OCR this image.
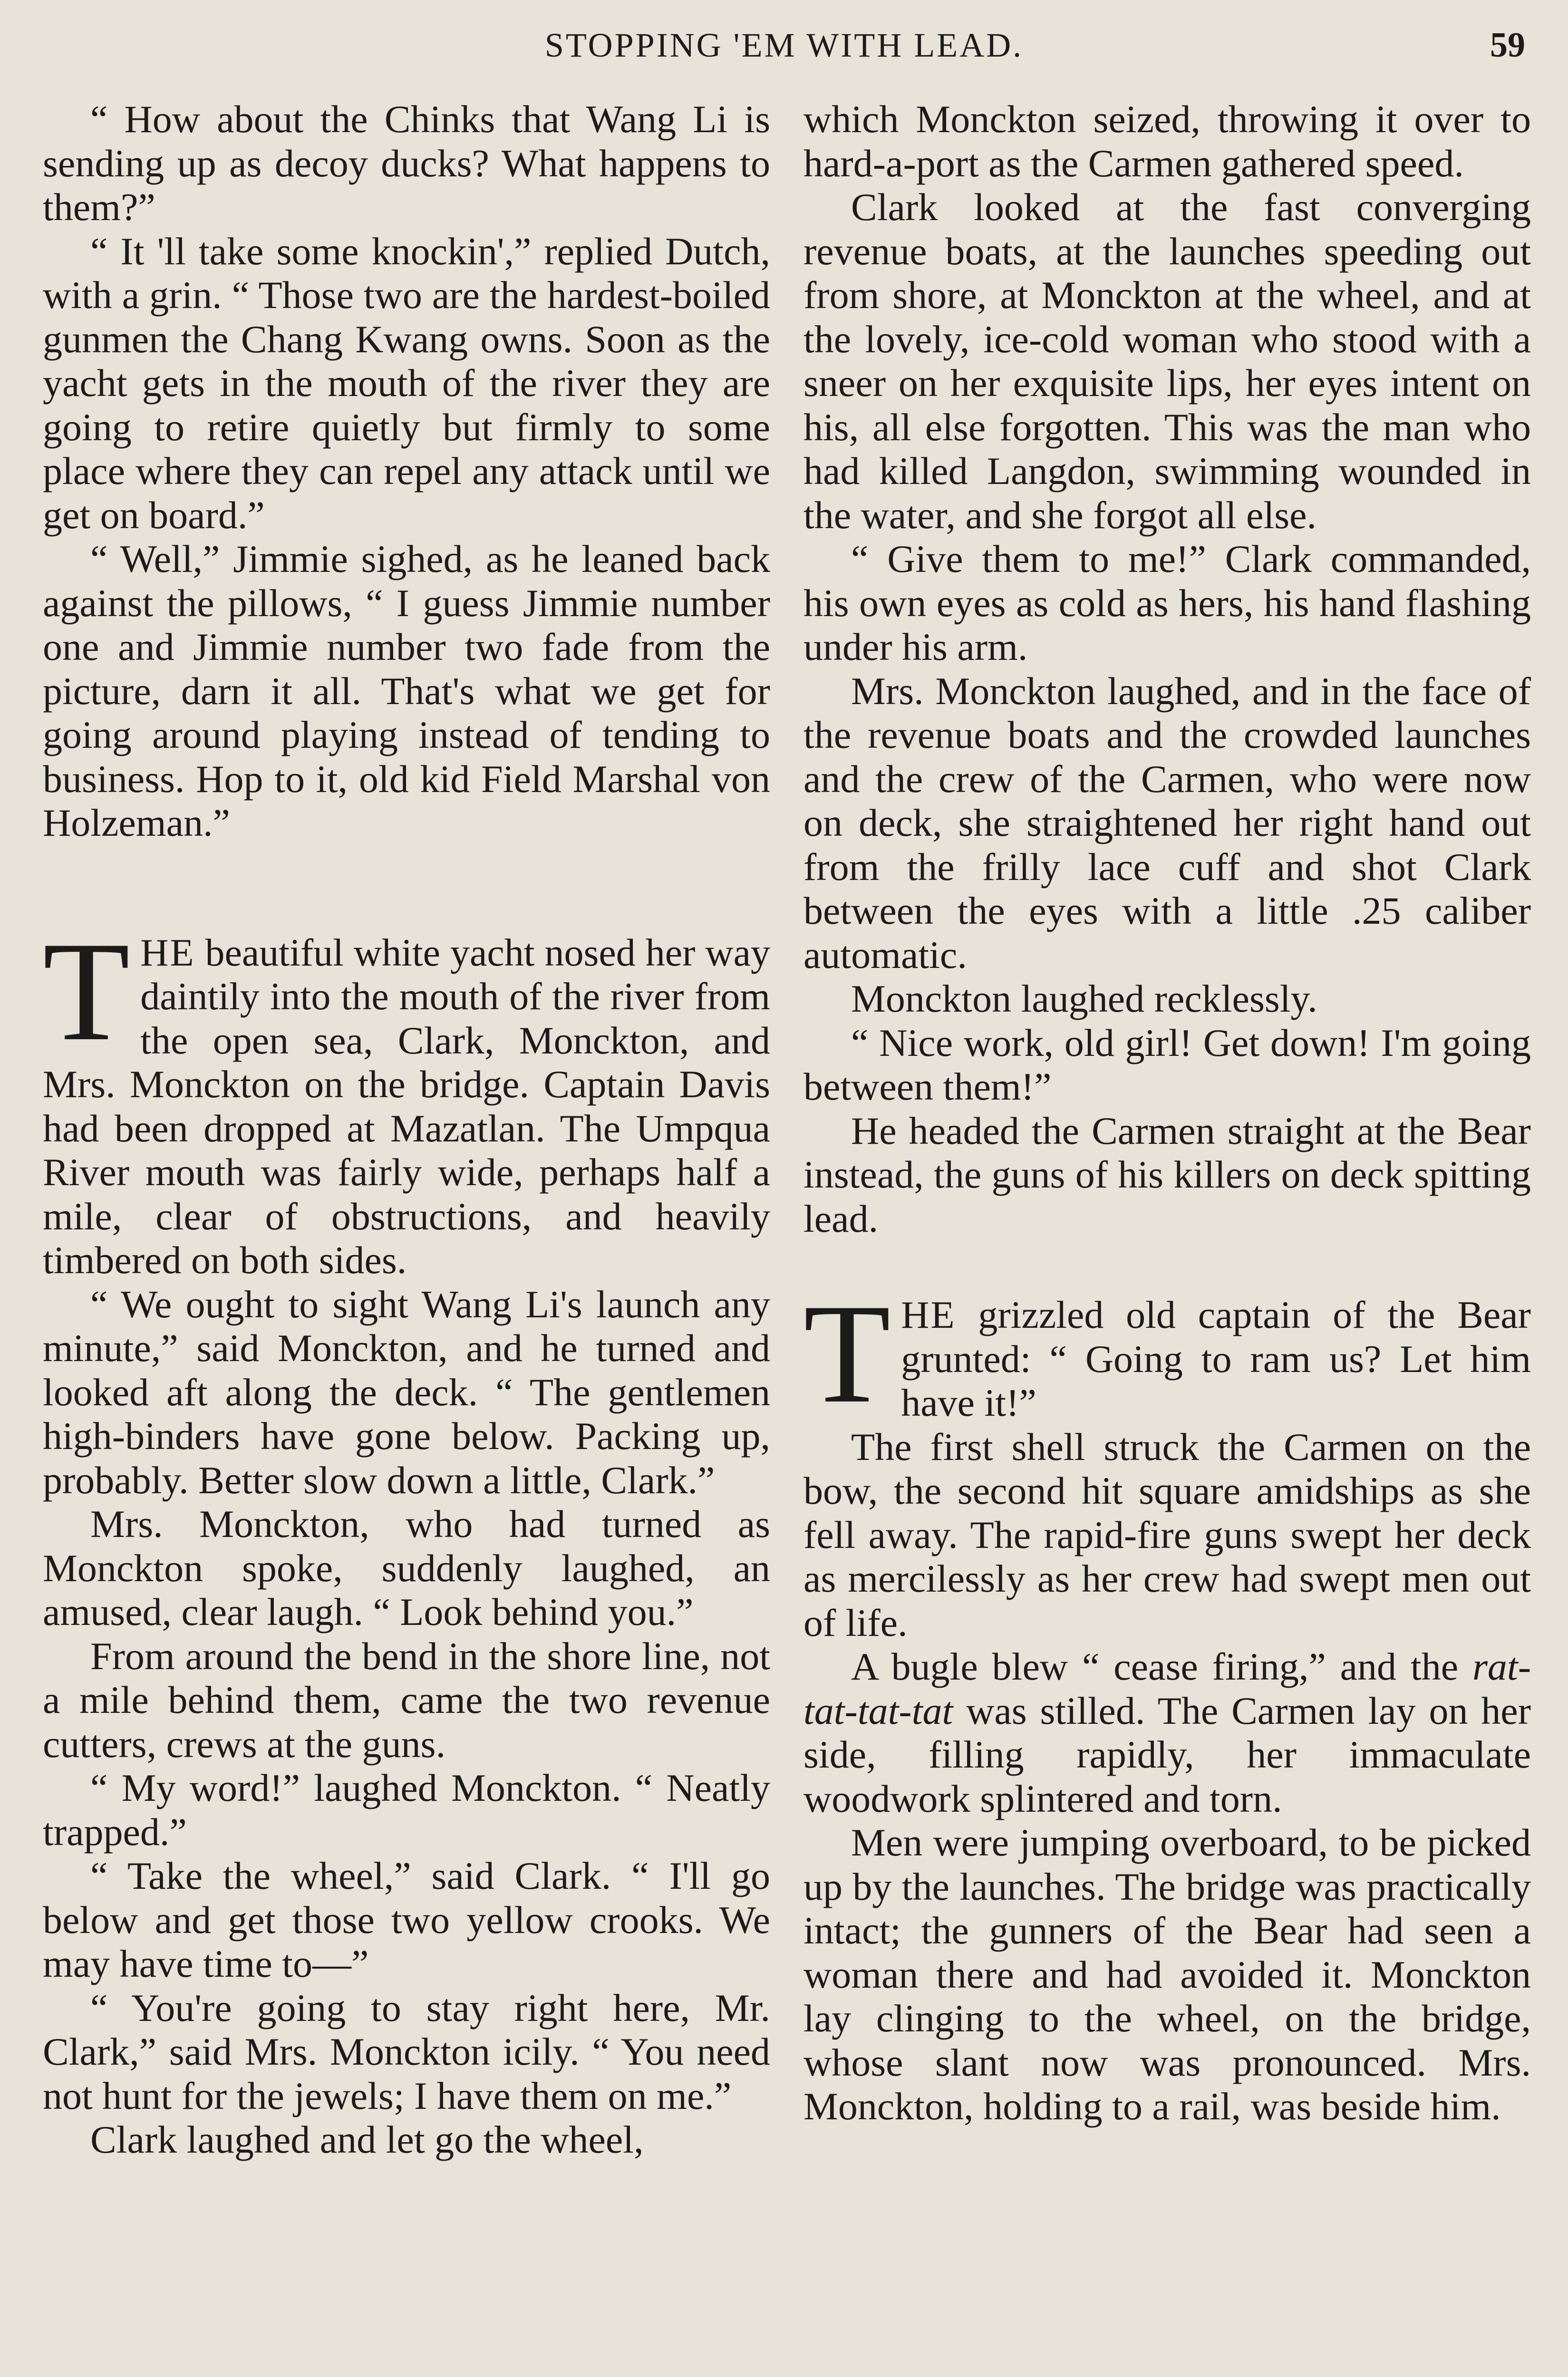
STOPPING 'EM WITH LEAD.	59

“ How about the Chinks that Wang Li is sending up as decoy ducks? What happens to them?”

“ It 'll take some knockin',” replied Dutch, with a grin. “ Those two are the hardest-boiled gunmen the Chang Kwang owns. Soon as the yacht gets in the mouth of the river they are going to retire quietly but firmly to some place where they can repel any attack until we get on board.”

“ Well,” Jimmie sighed, as he leaned back against the pillows, “ I guess Jimmie number one and Jimmie number two fade from the picture, darn it all. That's what we get for going around playing instead of tending to business. Hop to it, old kid Field Marshal von Holzeman.”

THE beautiful white yacht nosed her way daintily into the mouth of the river from the open sea, Clark, Monckton, and Mrs. Monckton on the bridge. Captain Davis had been dropped at Mazatlan. The Umpqua River mouth was fairly wide, perhaps half a mile, clear of obstructions, and heavily timbered on both sides.

“ We ought to sight Wang Li's launch any minute,” said Monckton, and he turned and looked aft along the deck. “ The gentlemen high-binders have gone below. Packing up, probably. Better slow down a little, Clark.”

Mrs. Monckton, who had turned as Monckton spoke, suddenly laughed, an amused, clear laugh. “ Look behind you.”

From around the bend in the shore line, not a mile behind them, came the two revenue cutters, crews at the guns.

“ My word!” laughed Monckton. “ Neatly trapped.”

“ Take the wheel,” said Clark. “ I'll go below and get those two yellow crooks. We may have time to—”

“ You're going to stay right here, Mr. Clark,” said Mrs. Monckton icily. “ You need not hunt for the jewels; I have them on me.”

Clark laughed and let go the wheel,

which Monckton seized, throwing it over to hard-a-port as the Carmen gathered speed.

Clark looked at the fast converging revenue boats, at the launches speeding out from shore, at Monckton at the wheel, and at the lovely, ice-cold woman who stood with a sneer on her exquisite lips, her eyes intent on his, all else forgotten. This was the man who had killed Langdon, swimming wounded in the water, and she forgot all else.

“ Give them to me!” Clark commanded, his own eyes as cold as hers, his hand flashing under his arm.

Mrs. Monckton laughed, and in the face of the revenue boats and the crowded launches and the crew of the Carmen, who were now on deck, she straightened her right hand out from the frilly lace cuff and shot Clark between the eyes with a little .25 caliber automatic.

Monckton laughed recklessly.

“ Nice work, old girl! Get down! I'm going between them!”

He headed the Carmen straight at the Bear instead, the guns of his killers on deck spitting lead.

THE grizzled old captain of the Bear grunted: “ Going to ram us? Let him have it!”

The first shell struck the Carmen on the bow, the second hit square amidships as she fell away. The rapid-fire guns swept her deck as mercilessly as her crew had swept men out of life.

A bugle blew “ cease firing,” and the rat-tat-tat-tat was stilled. The Carmen lay on her side, filling rapidly, her immaculate woodwork splintered and torn.

Men were jumping overboard, to be picked up by the launches. The bridge was practically intact; the gunners of the Bear had seen a woman there and had avoided it. Monckton lay clinging to the wheel, on the bridge, whose slant now was pronounced. Mrs. Monckton, holding to a rail, was beside him.
